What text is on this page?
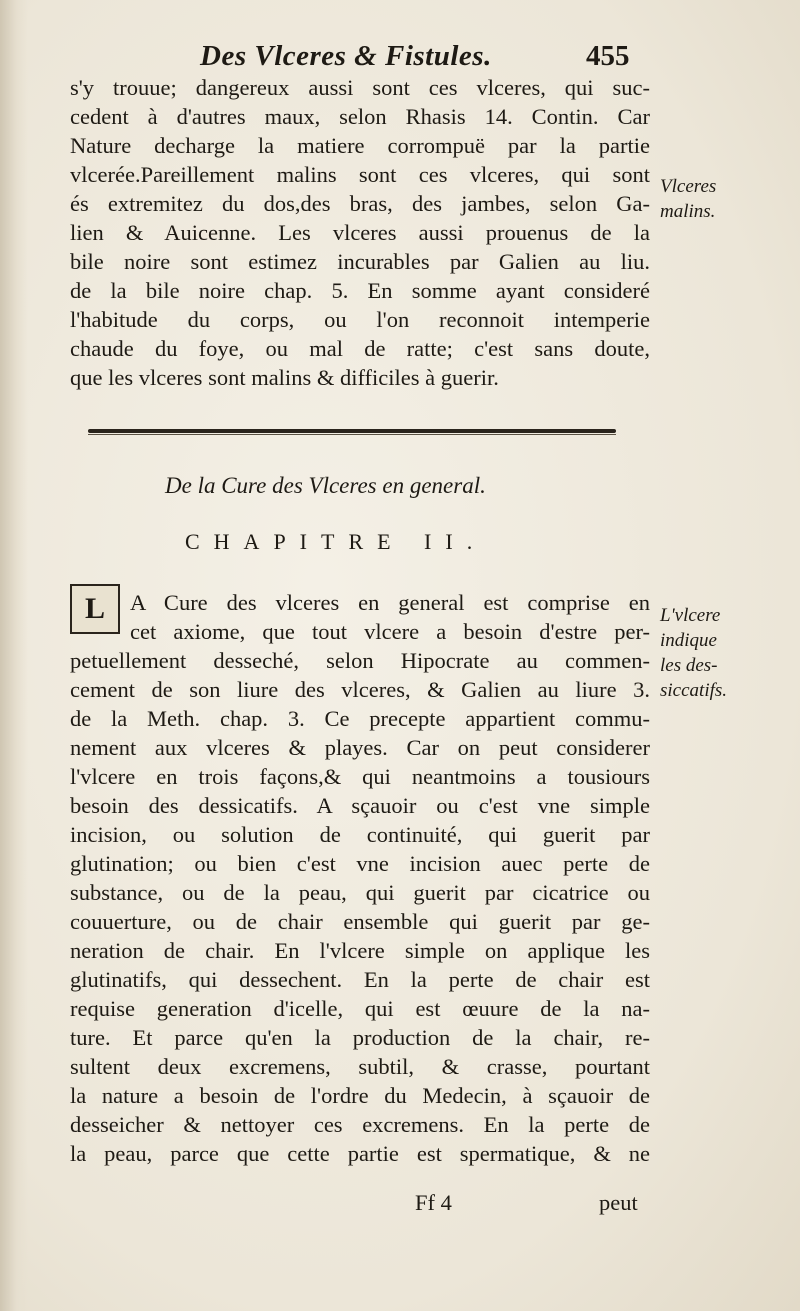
Des Vlceres & Fistules.	455
s'y trouue; dangereux aussi sont ces vlceres, qui suc-
cedent à d'autres maux, selon Rhasis 14. Contin. Car
Nature decharge la matiere corrompuë par la partie
vlcerée.Pareillement malins sont ces vlceres, qui sont
és extremitez du dos,des bras, des jambes, selon Ga-
lien & Auicenne. Les vlceres aussi prouenus de la
bile noire sont estimez incurables par Galien au liu.
de la bile noire chap. 5. En somme ayant consideré
l'habitude du corps, ou l'on reconnoit intemperie
chaude du foye, ou mal de ratte; c'est sans doute,
que les vlceres sont malins & difficiles à guerir.
Vlceres
malins.
De la Cure des Vlceres en general.
CHAPITRE II.
L	A Cure des vlceres en general est comprise en
cet axiome, que tout vlcere a besoin d'estre per-
petuellement desseché, selon Hipocrate au commen-
cement de son liure des vlceres, & Galien au liure 3.
de la Meth. chap. 3. Ce precepte appartient commu-
nement aux vlceres & playes. Car on peut considerer
l'vlcere en trois façons,& qui neantmoins a tousiours
besoin des dessicatifs. A sçauoir ou c'est vne simple
incision, ou solution de continuité, qui guerit par
glutination; ou bien c'est vne incision auec perte de
substance, ou de la peau, qui guerit par cicatrice ou
couuerture, ou de chair ensemble qui guerit par ge-
neration de chair. En l'vlcere simple on applique les
glutinatifs, qui dessechent. En la perte de chair est
requise generation d'icelle, qui est œuure de la na-
ture. Et parce qu'en la production de la chair, re-
sultent deux excremens, subtil, & crasse, pourtant
la nature a besoin de l'ordre du Medecin, à sçauoir de
desseicher & nettoyer ces excremens. En la perte de
la peau, parce que cette partie est spermatique, & ne
L'vlcere
indique
les des-
siccatifs.
Ff 4	peut
